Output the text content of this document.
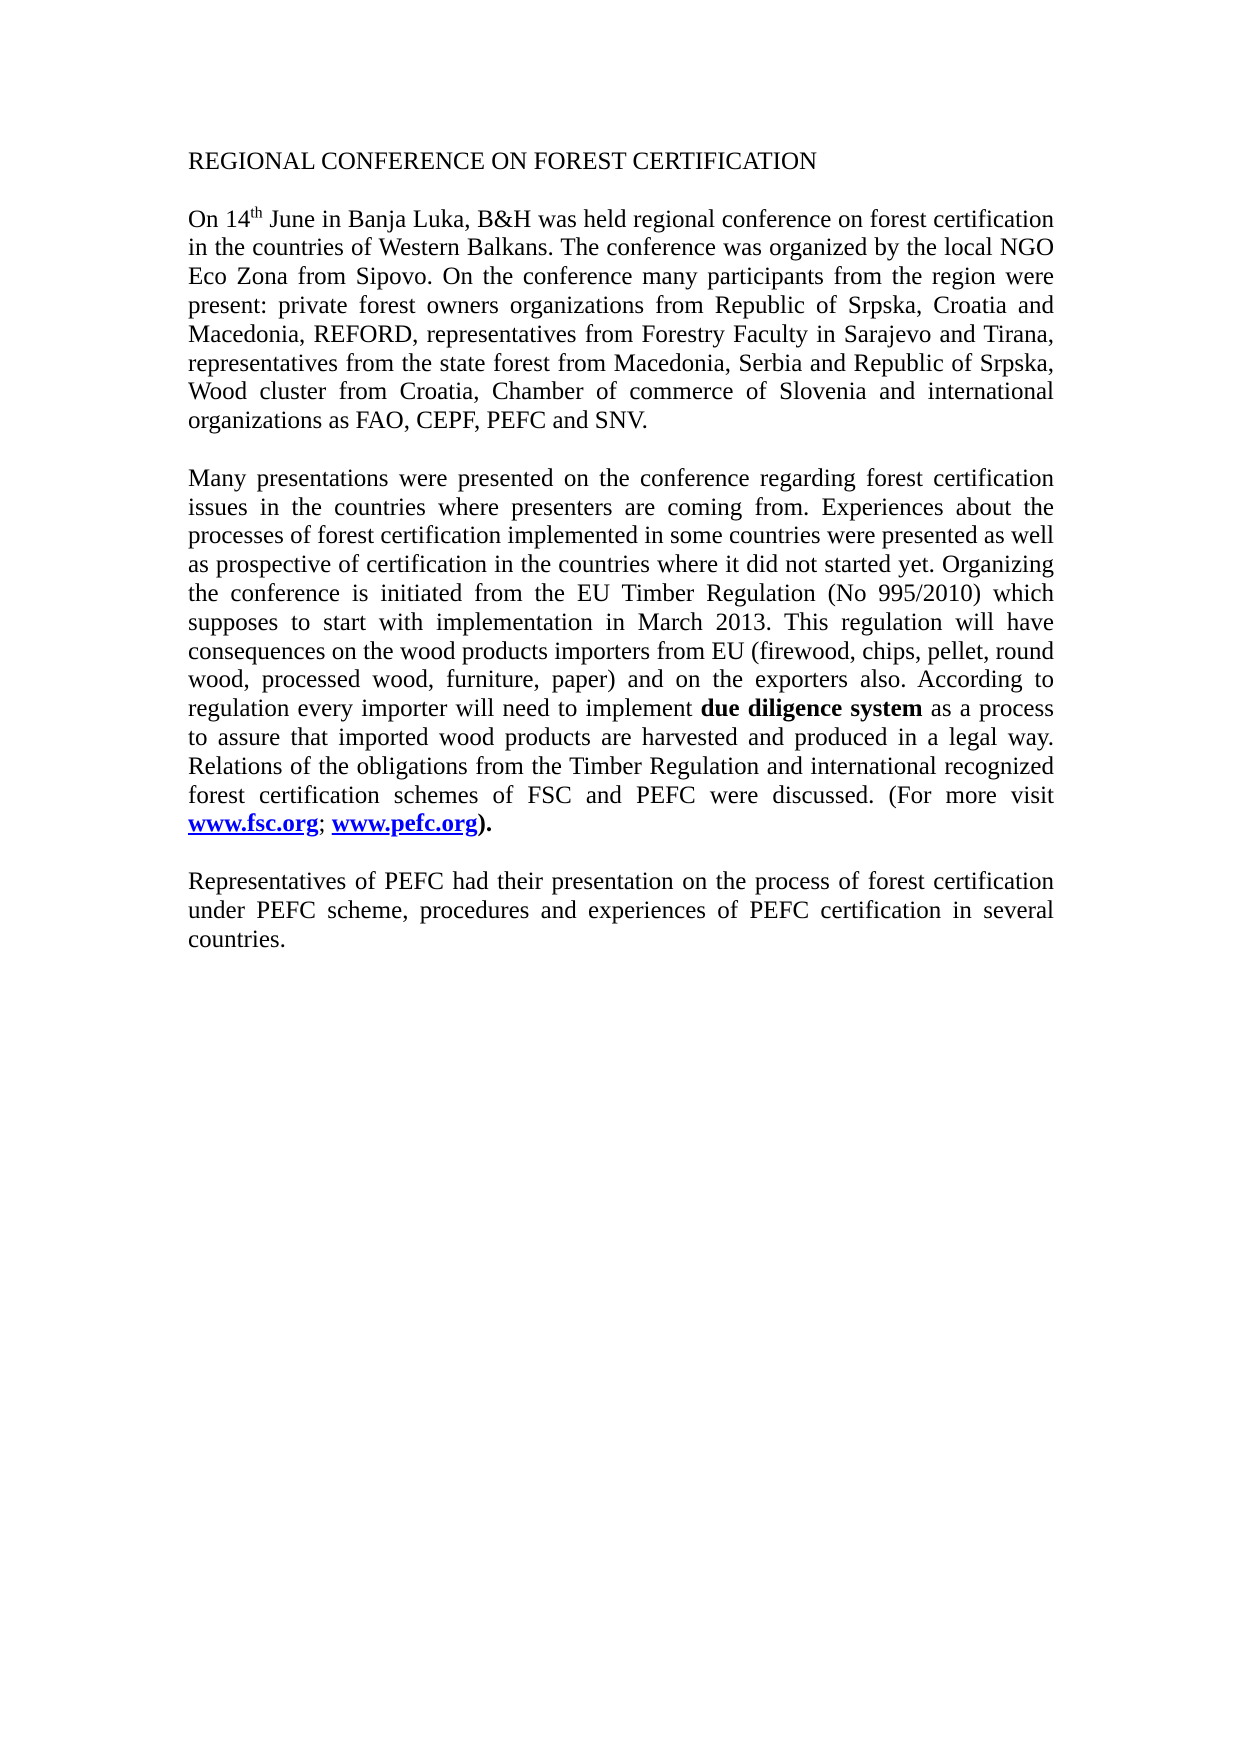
REGIONAL CONFERENCE ON FOREST CERTIFICATION

On 14th June in Banja Luka, B&H was held regional conference on forest certification in the countries of Western Balkans. The conference was organized by the local NGO Eco Zona from Sipovo. On the conference many participants from the region were present: private forest owners organizations from Republic of Srpska, Croatia and Macedonia, REFORD, representatives from Forestry Faculty in Sarajevo and Tirana, representatives from the state forest from Macedonia, Serbia and Republic of Srpska, Wood cluster from Croatia, Chamber of commerce of Slovenia and international organizations as FAO, CEPF, PEFC and SNV.

Many presentations were presented on the conference regarding forest certification issues in the countries where presenters are coming from. Experiences about the processes of forest certification implemented in some countries were presented as well as prospective of certification in the countries where it did not started yet. Organizing the conference is initiated from the EU Timber Regulation (No 995/2010) which supposes to start with implementation in March 2013. This regulation will have consequences on the wood products importers from EU (firewood, chips, pellet, round wood, processed wood, furniture, paper) and on the exporters also. According to regulation every importer will need to implement due diligence system as a process to assure that imported wood products are harvested and produced in a legal way. Relations of the obligations from the Timber Regulation and international recognized forest certification schemes of FSC and PEFC were discussed. (For more visit www.fsc.org; www.pefc.org).

Representatives of PEFC had their presentation on the process of forest certification under PEFC scheme, procedures and experiences of PEFC certification in several countries.
